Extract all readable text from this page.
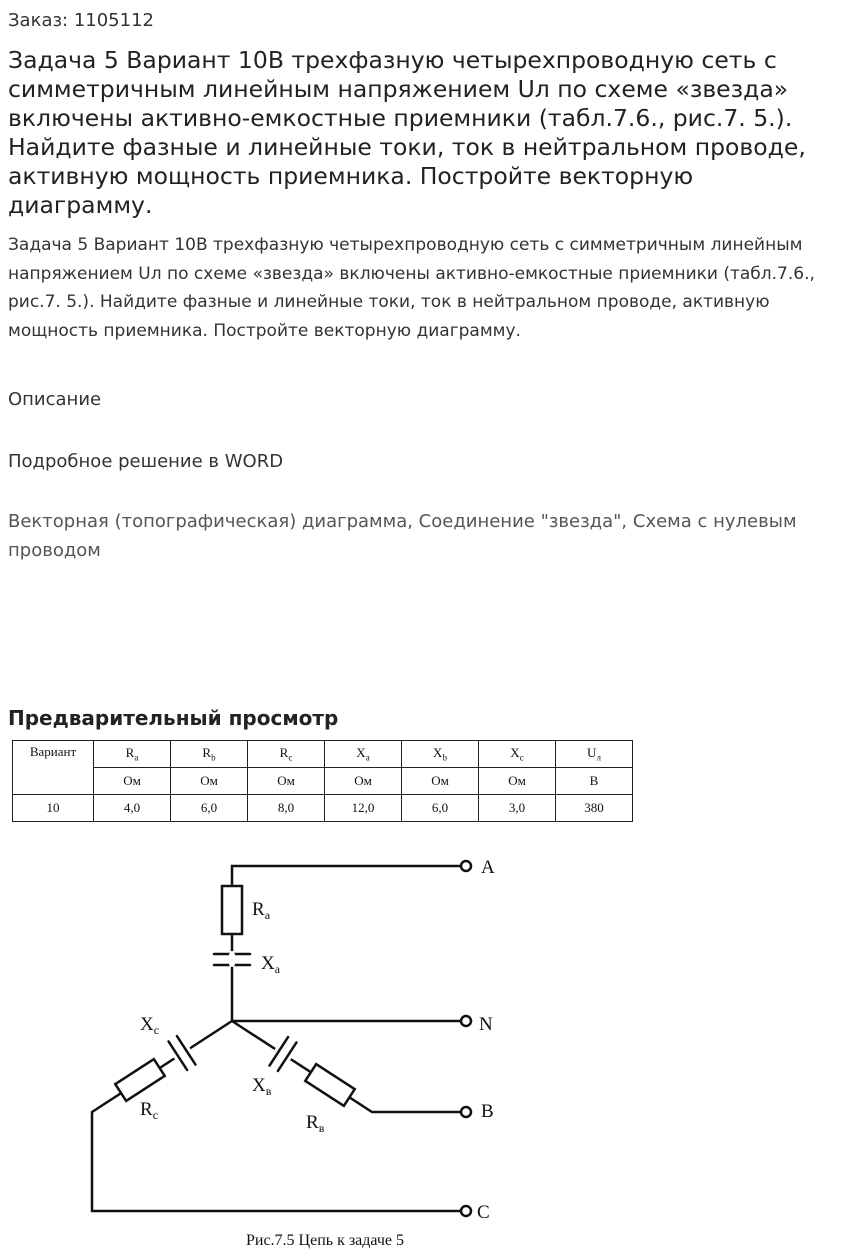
Заказ: 1105112
Задача 5 Вариант 10В трехфазную четырехпроводную сеть с симметричным линейным напряжением Uл по схеме «звезда» включены активно-емкостные приемники (табл.7.6., рис.7. 5.). Найдите фазные и линейные токи, ток в нейтральном проводе, активную мощность приемника. Постройте векторную диаграмму.

Задача 5 Вариант 10В трехфазную четырехпроводную сеть с симметричным линейным напряжением Uл по схеме «звезда» включены активно-емкостные приемники (табл.7.6., рис.7. 5.). Найдите фазные и линейные токи, ток в нейтральном проводе, активную мощность приемника. Постройте векторную диаграмму.

Описание
Подробное решение в WORD

Векторная (топографическая) диаграмма, Соединение "звезда", Схема с нулевым проводом

Предварительный просмотр
Вариант	$R_a$	$R_b$	$R_c$	$X_a$	$X_b$	$X_c$	$U_л$
	Ом	Ом	Ом	Ом	Ом	Ом	В
10	4,0	6,0	8,0	12,0	6,0	3,0	380
A
N
B
C
$R_a$
$X_a$
$X_c$
$R_c$
$X_в$
$R_в$
Рис.7.5 Цепь к задаче 5
